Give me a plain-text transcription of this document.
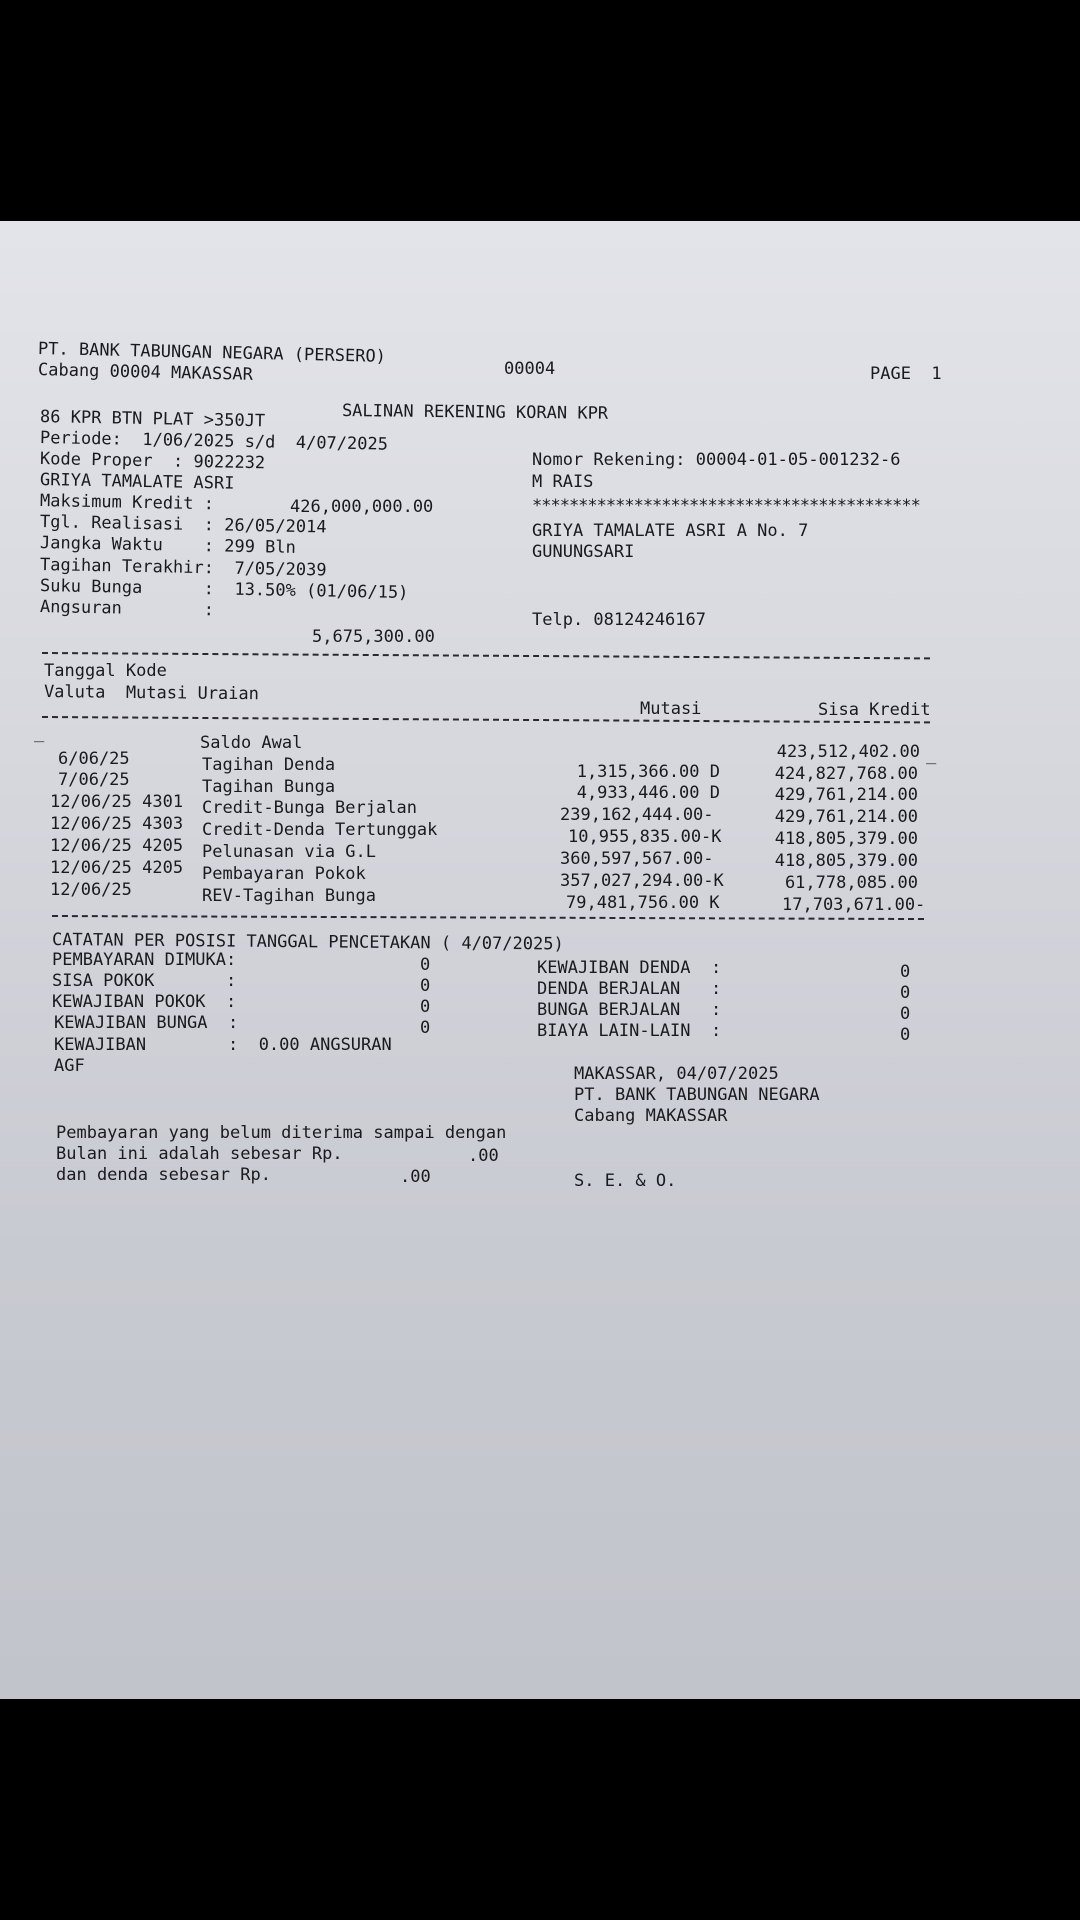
PT. BANK TABUNGAN NEGARA (PERSERO)
Cabang 00004 MAKASSAR	00004	PAGE  1
SALINAN REKENING KORAN KPR
86 KPR BTN PLAT >350JT
Periode:  1/06/2025 s/d  4/07/2025
Kode Proper  : 9022232
GRIYA TAMALATE ASRI
Maksimum Kredit :	426,000,000.00
Tgl. Realisasi  : 26/05/2014
Jangka Waktu    : 299 Bln
Tagihan Terakhir:  7/05/2039
Suku Bunga      :  13.50% (01/06/15)
Angsuran        :
5,675,300.00
Nomor Rekening: 00004-01-05-001232-6
M RAIS
******************************************
GRIYA TAMALATE ASRI A No. 7
GUNUNGSARI
Telp. 08124246167
Tanggal Kode
Valuta  Mutasi Uraian
Mutasi	Sisa Kredit
_
_
Saldo Awal	423,512,402.00
6/06/25	Tagihan Denda	1,315,366.00 D	424,827,768.00
7/06/25	Tagihan Bunga	4,933,446.00 D	429,761,214.00
12/06/25 4301 Credit-Bunga Berjalan	239,162,444.00-	429,761,214.00
12/06/25 4303 Credit-Denda Tertunggak	10,955,835.00-K	418,805,379.00
12/06/25 4205 Pelunasan via G.L	360,597,567.00-	418,805,379.00
12/06/25 4205 Pembayaran Pokok	357,027,294.00-K	61,778,085.00
12/06/25	REV-Tagihan Bunga	79,481,756.00 K	17,703,671.00-
CATATAN PER POSISI TANGGAL PENCETAKAN ( 4/07/2025)
PEMBAYARAN DIMUKA:	0
SISA POKOK       :	0
KEWAJIBAN POKOK  :	0
KEWAJIBAN BUNGA  :	0
KEWAJIBAN        :  0.00 ANGSURAN
AGF
KEWAJIBAN DENDA  :	0
DENDA BERJALAN   :	0
BUNGA BERJALAN   :	0
BIAYA LAIN-LAIN  :	0
MAKASSAR, 04/07/2025
PT. BANK TABUNGAN NEGARA
Cabang MAKASSAR
Pembayaran yang belum diterima sampai dengan
Bulan ini adalah sebesar Rp.	.00
dan denda sebesar Rp.	.00	S. E. & O.
